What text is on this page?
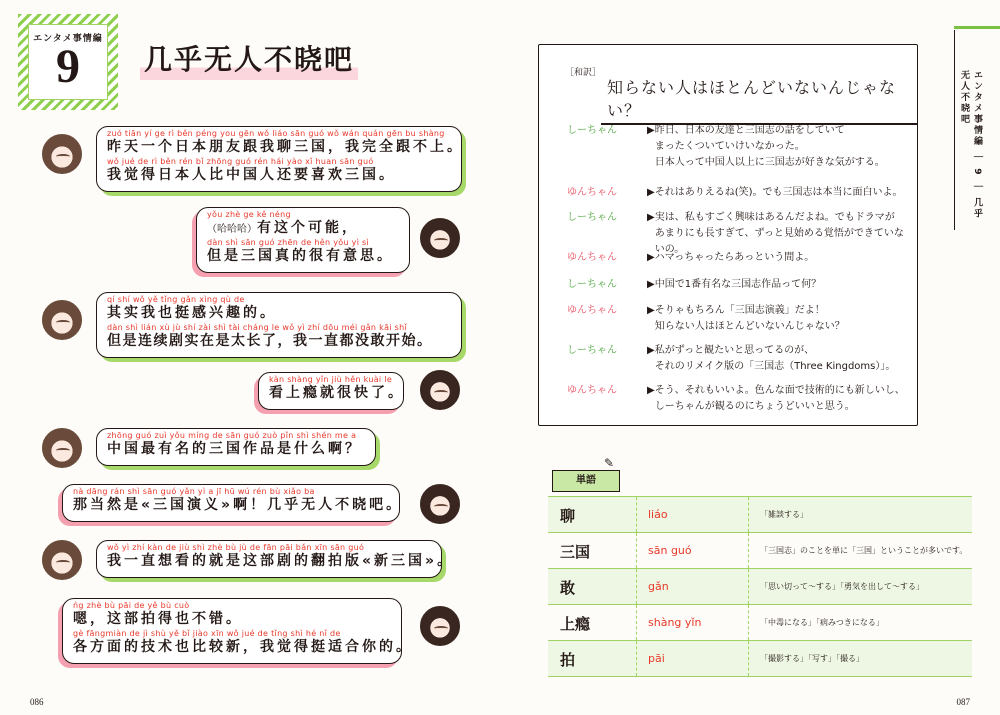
エンタメ事情編
9	几乎无人不晓吧
zuó tiān yí ge rì běn péng you gēn wǒ liáo sān guó wǒ wán quán gēn bu shàng
昨天一个日本朋友跟我聊三国，我完全跟不上。
wǒ jué de rì běn rén bǐ zhōng guó rén hái yào xǐ huan sān guó
我觉得日本人比中国人还要喜欢三国。
yǒu zhè ge kě néng
（哈哈哈）有这个可能，
dàn shì sān guó zhēn de hěn yǒu yì sì
但是三国真的很有意思。
qí shí wǒ yě tǐng gǎn xìng qù de
其实我也挺感兴趣的。
dàn shì lián xù jù shí zài shì tài cháng le wǒ yì zhí dōu méi gǎn kāi shǐ
但是连续剧实在是太长了，我一直都没敢开始。
kàn shàng yǐn jiù hěn kuài le
看上瘾就很快了。
zhōng guó zuì yǒu míng de sān guó zuò pǐn shì shén me a
中国最有名的三国作品是什么啊？
nà dāng rán shì sān guó yǎn yì a jī hū wú rén bù xiǎo ba
那当然是«三国演义»啊！几乎无人不晓吧。
wǒ yì zhí kàn de jiù shì zhè bù jù de fān pāi bǎn xīn sān guó
我一直想看的就是这部剧的翻拍版«新三国»。
ǹg zhè bù pāi de yě bù cuò
嗯，这部拍得也不错。
gè fāngmiàn de jì shù yě bǐ jiào xīn wǒ jué de tǐng shì hé nǐ de
各方面的技术也比较新，我觉得挺适合你的。
086
［和訳］
知らない人はほとんどいないんじゃない？
しーちゃん	▶ 昨日、日本の友達と三国志の話をしていて
まったくついていけいなかった。
日本人って中国人以上に三国志が好きな気がする。
ゆんちゃん	▶ それはありえるね(笑)。でも三国志は本当に面白いよ。
しーちゃん	▶ 実は、私もすごく興味はあるんだよね。でもドラマが
あまりにも長すぎて、ずっと見始める覚悟ができていないの。
ゆんちゃん	▶ ハマっちゃったらあっという間よ。
しーちゃん	▶ 中国で1番有名な三国志作品って何？
ゆんちゃん	▶ そりゃもちろん「三国志演義」だよ！
知らない人はほとんどいないんじゃない？
しーちゃん	▶ 私がずっと観たいと思ってるのが、
それのリメイク版の「三国志（Three Kingdoms）」。
ゆんちゃん	▶ そう、それもいいよ。色んな面で技術的にも新しいし、
しーちゃんが観るのにちょうどいいと思う。
単語
✎
聊	liáo	「雑談する」
三国	sān guó	「三国志」のことを単に「三国」ということが多いです。
敢	gǎn	「思い切って〜する」「勇気を出して〜する」
上瘾	shàng yǐn	「中毒になる」「病みつきになる」
拍	pāi	「撮影する」「写す」「撮る」
エンタメ事情編 ｜ 9 ｜ 几乎无人不晓吧
087
